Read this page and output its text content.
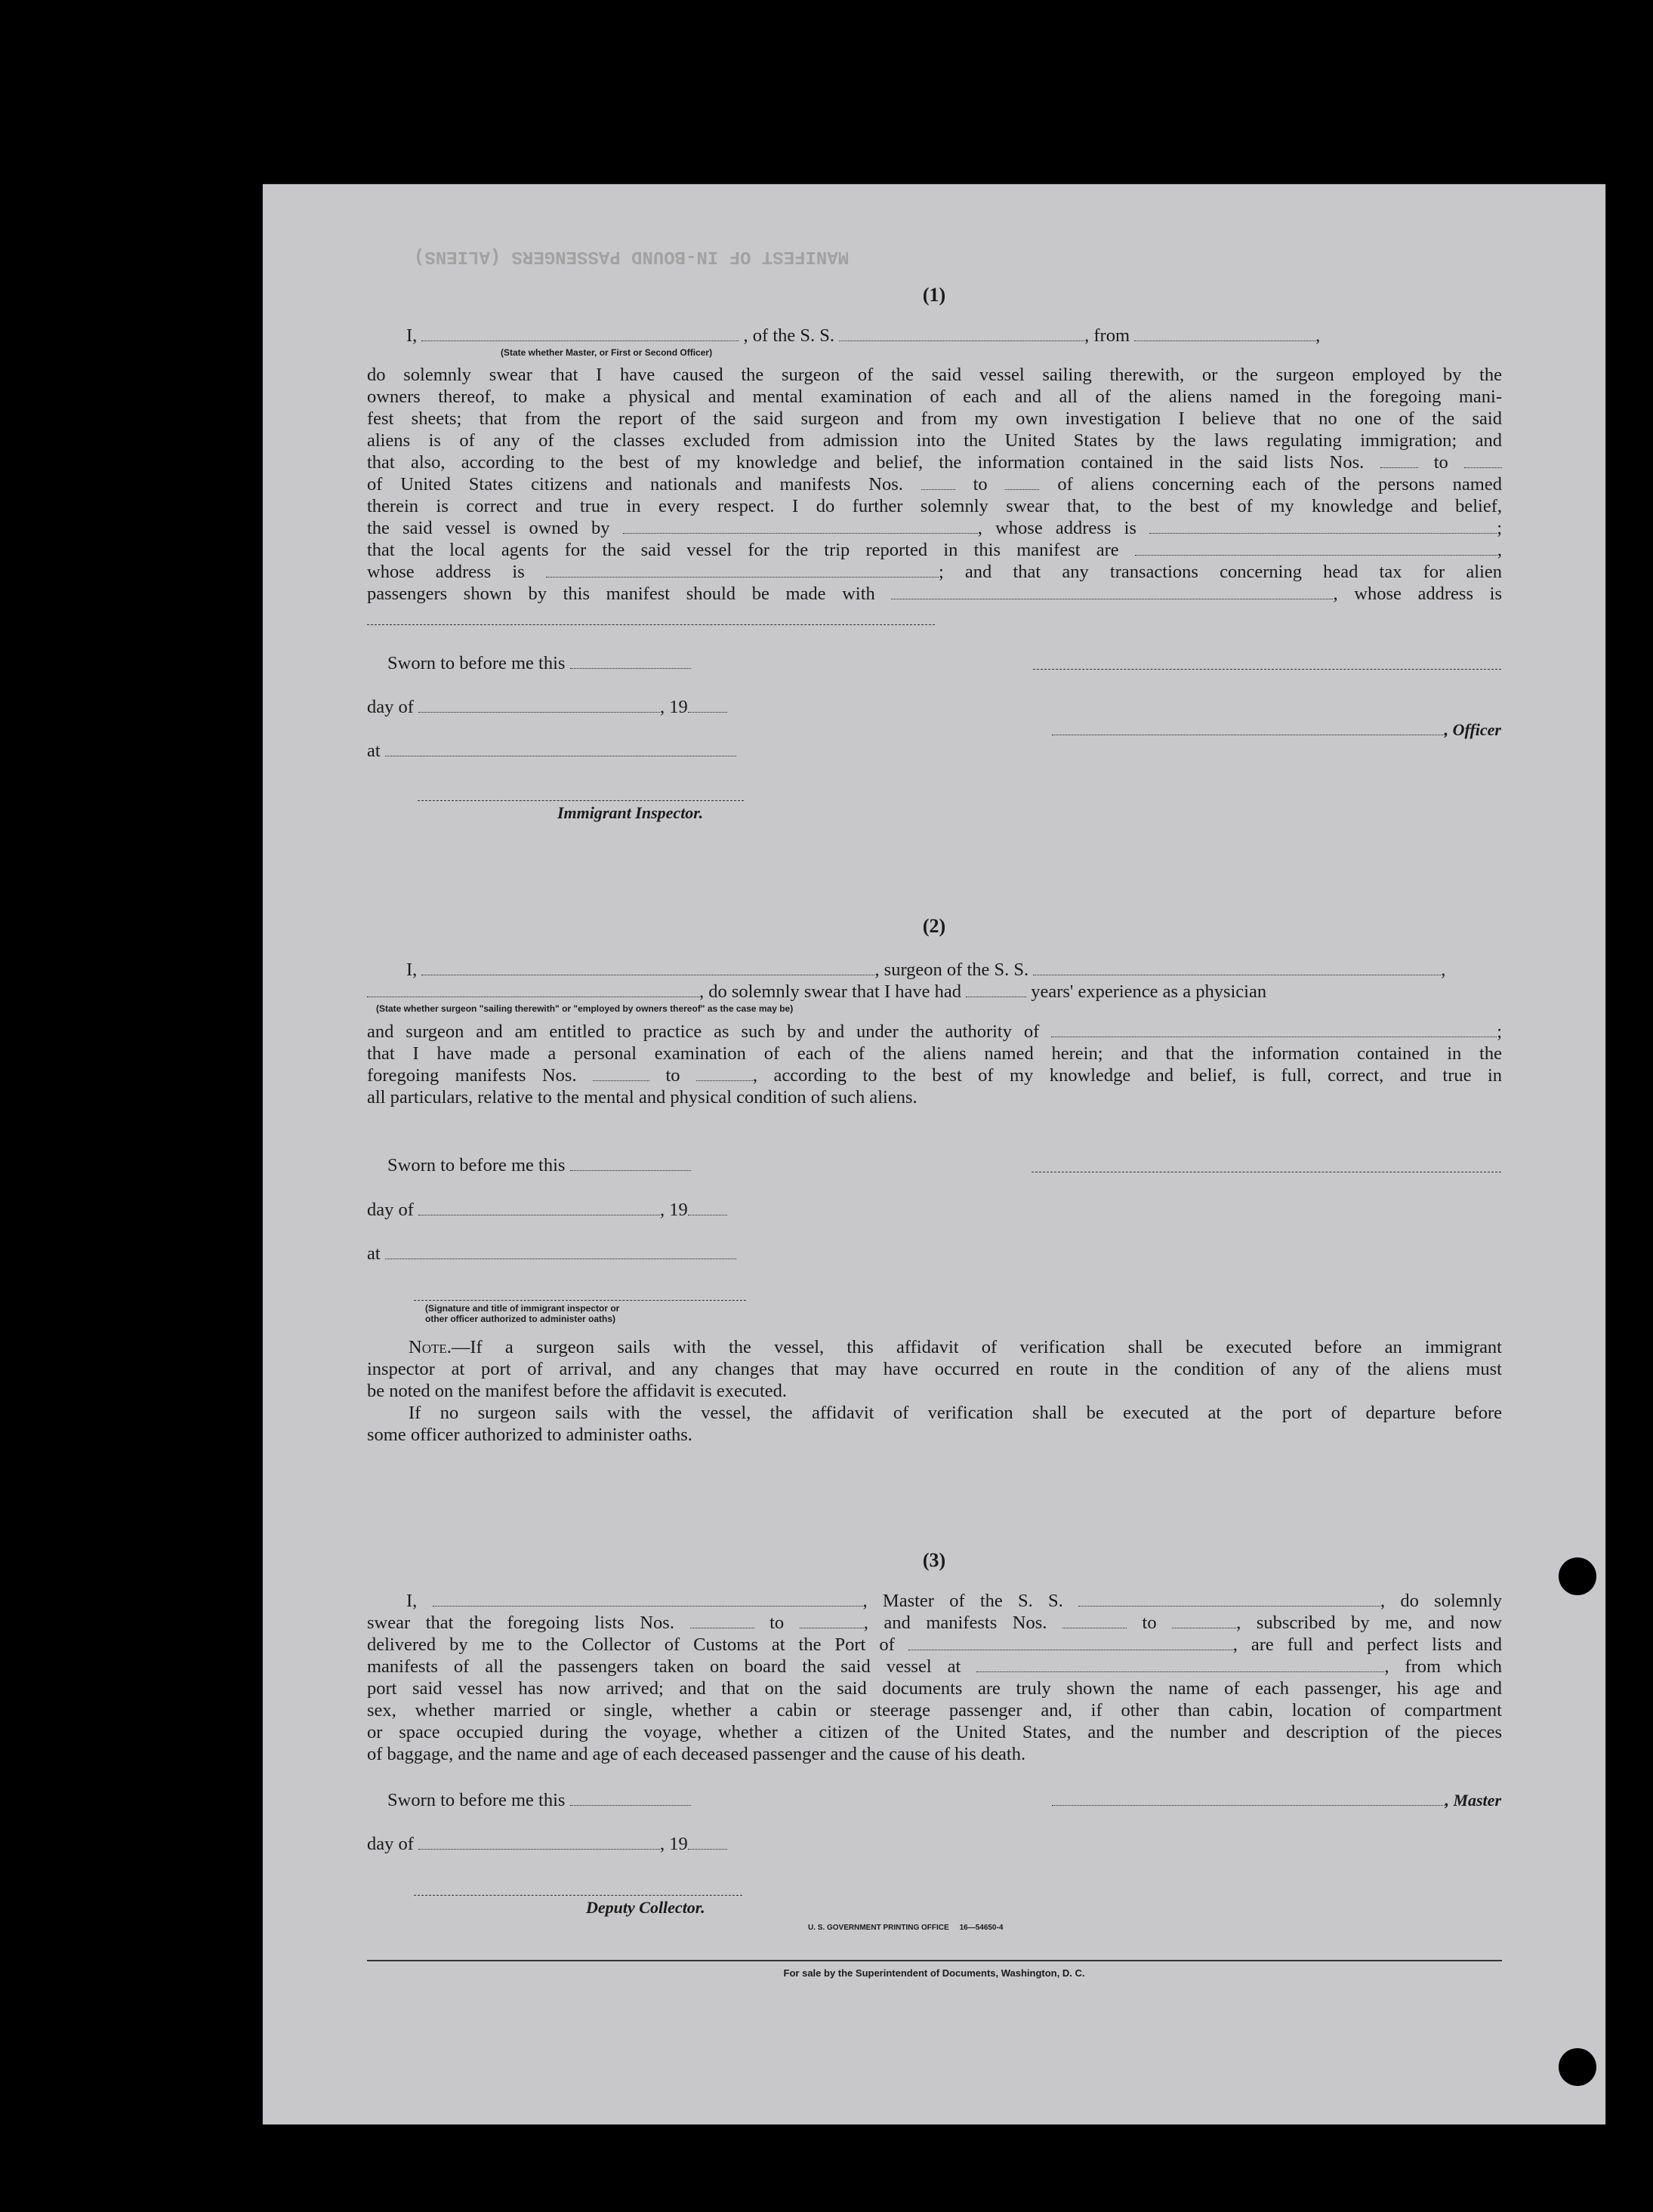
MANIFEST OF IN-BOUND PASSENGERS (ALIENS)
(1)
I,	, of the S. S.	, from	,
(State whether Master, or First or Second Officer)
do solemnly swear that I have caused the surgeon of the said vessel sailing therewith, or the surgeon employed by the
owners thereof, to make a physical and mental examination of each and all of the aliens named in the foregoing mani-
fest sheets; that from the report of the said surgeon and from my own investigation I believe that no one of the said
aliens is of any of the classes excluded from admission into the United States by the laws regulating immigration; and
that also, according to the best of my knowledge and belief, the information contained in the said lists Nos.	to
of United States citizens and nationals and manifests Nos.	to	of aliens concerning each of the persons named
therein is correct and true in every respect. I do further solemnly swear that, to the best of my knowledge and belief,
the said vessel is owned by	, whose address is	;
that the local agents for the said vessel for the trip reported in this manifest are	,
whose address is	; and that any transactions concerning head tax for alien
passengers shown by this manifest should be made with	, whose address is
Sworn to before me this
day of	, 19
, Officer
at
Immigrant Inspector.
(2)
I,	, surgeon of the S. S.	,
, do solemnly swear that I have had	years' experience as a physician
(State whether surgeon "sailing therewith" or "employed by owners thereof" as the case may be)
and surgeon and am entitled to practice as such by and under the authority of	;
that I have made a personal examination of each of the aliens named herein; and that the information contained in the
foregoing manifests Nos.	to	, according to the best of my knowledge and belief, is full, correct, and true in
all particulars, relative to the mental and physical condition of such aliens.
Sworn to before me this
day of	, 19
at
(Signature and title of immigrant inspector or
other officer authorized to administer oaths)
Note.—If a surgeon sails with the vessel, this affidavit of verification shall be executed before an immigrant
inspector at port of arrival, and any changes that may have occurred en route in the condition of any of the aliens must
be noted on the manifest before the affidavit is executed.
If no surgeon sails with the vessel, the affidavit of verification shall be executed at the port of departure before
some officer authorized to administer oaths.
(3)
I,	, Master of the S. S.	, do solemnly
swear that the foregoing lists Nos.	to	, and manifests Nos.	to	, subscribed by me, and now
delivered by me to the Collector of Customs at the Port of	, are full and perfect lists and
manifests of all the passengers taken on board the said vessel at	, from which
port said vessel has now arrived; and that on the said documents are truly shown the name of each passenger, his age and
sex, whether married or single, whether a cabin or steerage passenger and, if other than cabin, location of compartment
or space occupied during the voyage, whether a citizen of the United States, and the number and description of the pieces
of baggage, and the name and age of each deceased passenger and the cause of his death.
Sworn to before me this	, Master
day of	, 19
Deputy Collector.
U. S. GOVERNMENT PRINTING OFFICE     16—54650-4
For sale by the Superintendent of Documents, Washington, D. C.
